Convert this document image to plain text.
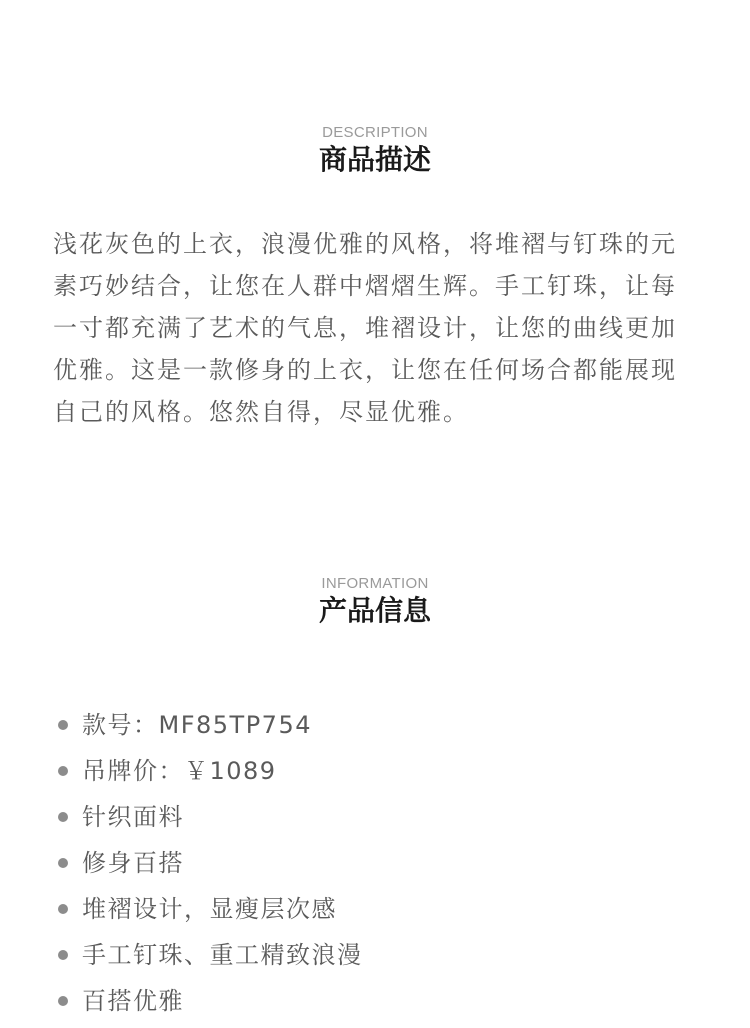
DESCRIPTION
商品描述

浅花灰色的上衣，浪漫优雅的风格，将堆褶与钉珠的元素巧妙结合，让您在人群中熠熠生辉。手工钉珠，让每一寸都充满了艺术的气息，堆褶设计，让您的曲线更加优雅。这是一款修身的上衣，让您在任何场合都能展现自己的风格。悠然自得，尽显优雅。

INFORMATION
产品信息
款号：MF85TP754
吊牌价：￥1089
针织面料
修身百搭
堆褶设计，显瘦层次感
手工钉珠、重工精致浪漫
百搭优雅
